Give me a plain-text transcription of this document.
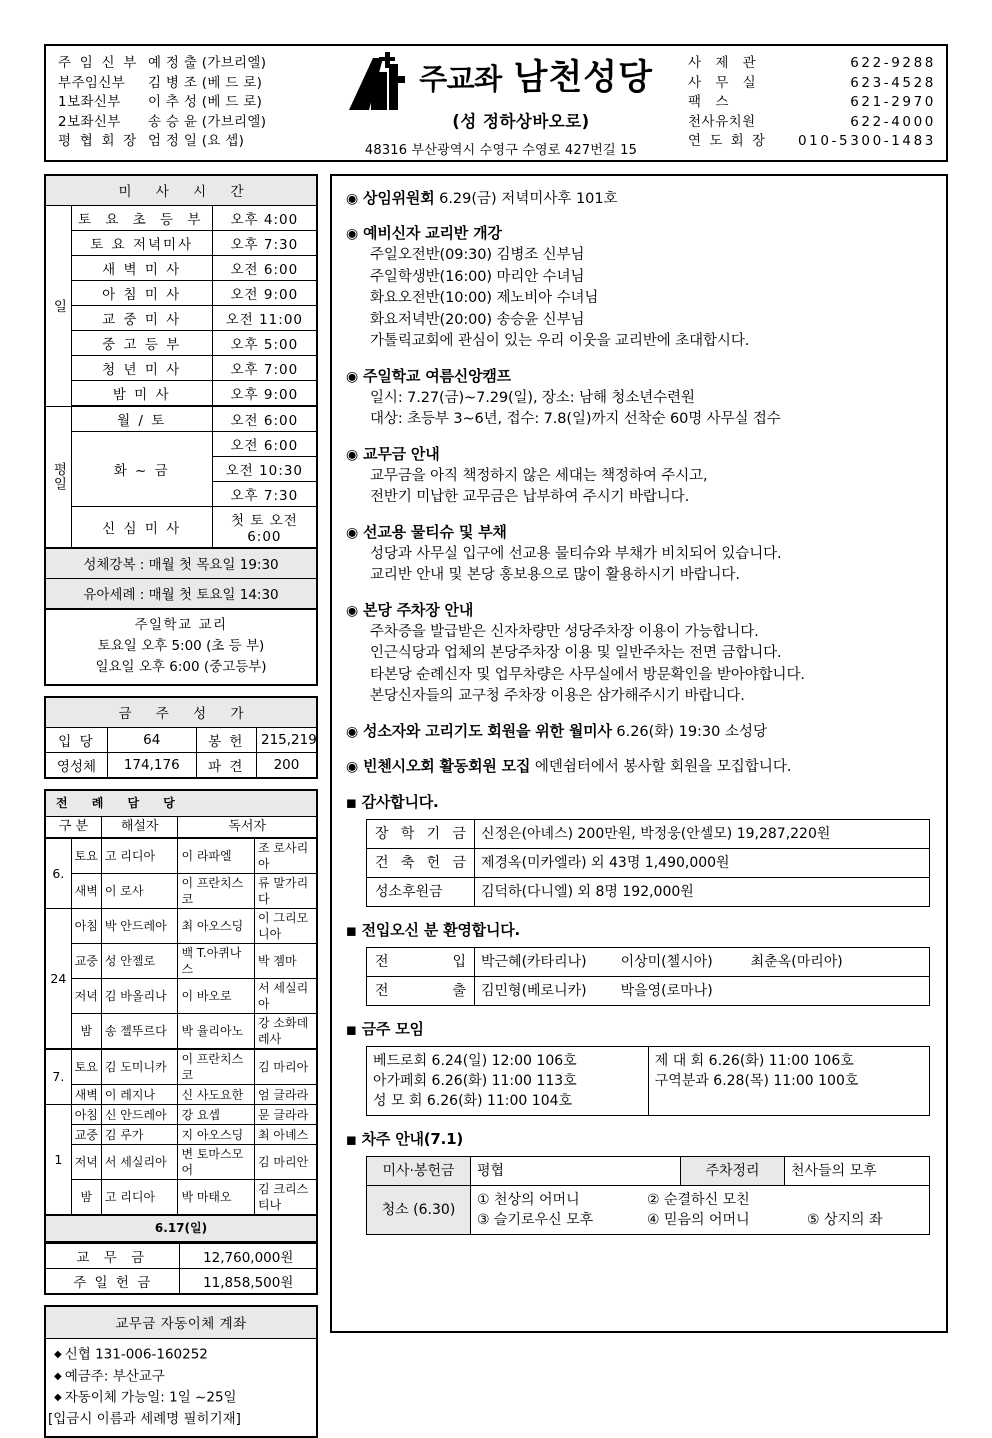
주 임 신 부 예 정 출 (가브리엘)
부주임신부	김 병 조 (베 드 로)
1보좌신부	이 추 성 (베 드 로)
2보좌신부	송 승 윤 (가브리엘)
평 협 회 장 엄 정 일 (요 셉)
주교좌 남천성당
(성 정하상바오로)
48316 부산광역시 수영구 수영로 427번길 15
사 제 관	622-9288
사 무 실	623-4528
팩 스	621-2970
천사유치원	622-4000
연 도 회 장	010-5300-1483
미 사 시 간		
일	토 요 초 등 부	오후 4:00
	토 요 저녁미사	오후 7:30
	새 벽 미 사	오전 6:00
	아 침 미 사	오전 9:00
	교 중 미 사	오전 11:00
	중 고 등 부	오후 5:00
	청 년 미 사	오후 7:00
	밤 미 사	오후 9:00
평일	월 / 토	오전 6:00
	화 ~ 금	오전 6:00
		오전 10:30
		오후 7:30
	신 심 미 사	첫 토 오전 6:00
성체강복 : 매월 첫 목요일 19:30		
유아세례 : 매월 첫 토요일 14:30		
주일학교 교리
토요일 오후 5:00 (초 등 부)
일요일 오후 6:00 (중고등부)
금 주 성 가			
입 당	64	봉 헌	215,219
영성체	174,176	파 견	200
전 례 담 당				
구 분		해설자	독서자	
6.	토요	고 리디아	이 라파엘	조 로사리아
	새벽	이 로사	이 프란치스코	류 말가리다
24	아침	박 안드레아	최 아오스딩	이 그리모니아
	교중	성 안젤로	백 T.아퀴나스	박 젬마
	저녁	김 바올리나	이 바오로	서 세실리아
	밤	송 젤뚜르다	박 율리아노	강 소화데레사
7.	토요	김 도미니카	이 프란치스코	김 마리아
	새벽	이 레지나	신 사도요한	엄 글라라
1	아침	신 안드레아	강 요셉	문 글라라
	교중	김 루가	지 아오스딩	최 아녜스
	저녁	서 세실리아	변 토마스모어	김 마리안
	밤	고 리디아	박 마태오	김 크리스티나
6.17(일)				
교 무 금	12,760,000원
주 일 헌 금	11,858,500원
교무금 자동이체 계좌
◆ 신협 131-006-160252
◆ 예금주: 부산교구
◆ 자동이체 가능일: 1일 ~25일
[입금시 이름과 세례명 필히기재]
◉ 상임위원회 6.29(금) 저녁미사후 101호
◉ 예비신자 교리반 개강
주일오전반(09:30) 김병조 신부님
주일학생반(16:00) 마리안 수녀님
화요오전반(10:00) 제노비아 수녀님
화요저녁반(20:00) 송승윤 신부님
가톨릭교회에 관심이 있는 우리 이웃을 교리반에 초대합시다.
◉ 주일학교 여름신앙캠프
일시: 7.27(금)~7.29(일), 장소: 남해 청소년수련원
대상: 초등부 3~6년, 접수: 7.8(일)까지 선착순 60명 사무실 접수
◉ 교무금 안내
교무금을 아직 책정하지 않은 세대는 책정하여 주시고,
전반기 미납한 교무금은 납부하여 주시기 바랍니다.
◉ 선교용 물티슈 및 부채
성당과 사무실 입구에 선교용 물티슈와 부채가 비치되어 있습니다.
교리반 안내 및 본당 홍보용으로 많이 활용하시기 바랍니다.
◉ 본당 주차장 안내
주차증을 발급받은 신자차량만 성당주차장 이용이 가능합니다.
인근식당과 업체의 본당주차장 이용 및 일반주차는 전면 금합니다.
타본당 순례신자 및 업무차량은 사무실에서 방문확인을 받아야합니다.
본당신자들의 교구청 주차장 이용은 삼가해주시기 바랍니다.
◉ 성소자와 고리기도 회원을 위한 월미사 6.26(화) 19:30 소성당
◉ 빈첸시오회 활동회원 모집 에덴쉼터에서 봉사할 회원을 모집합니다.
◼ 감사합니다.
장 학 기 금	신정은(아녜스) 200만원, 박정웅(안셀모) 19,287,220원
건 축 헌 금	제경옥(미카엘라) 외 43명 1,490,000원
성소후원금	김덕하(다니엘) 외 8명 192,000원
◼ 전입오신 분 환영합니다.
전 입	박근혜(카타리나) 이상미(첼시아) 최춘옥(마리아)

전 출	김민형(베로니카) 박을영(로마나)
◼ 금주 모임
베드로회 6.24(일) 12:00 106호
아가페회 6.26(화) 11:00 113호
성 모 회 6.26(화) 11:00 104호

제 대 회 6.26(화) 11:00 106호
구역분과 6.28(목) 11:00 100호

◼ 차주 안내(7.1)
미사·봉헌금	평협	주차정리	천사들의 모후
청소 (6.30)	① 천상의 어머니 ② 순결하신 모친
③ 슬기로우신 모후 ④ 믿음의 어머니 ⑤ 상지의 좌		
